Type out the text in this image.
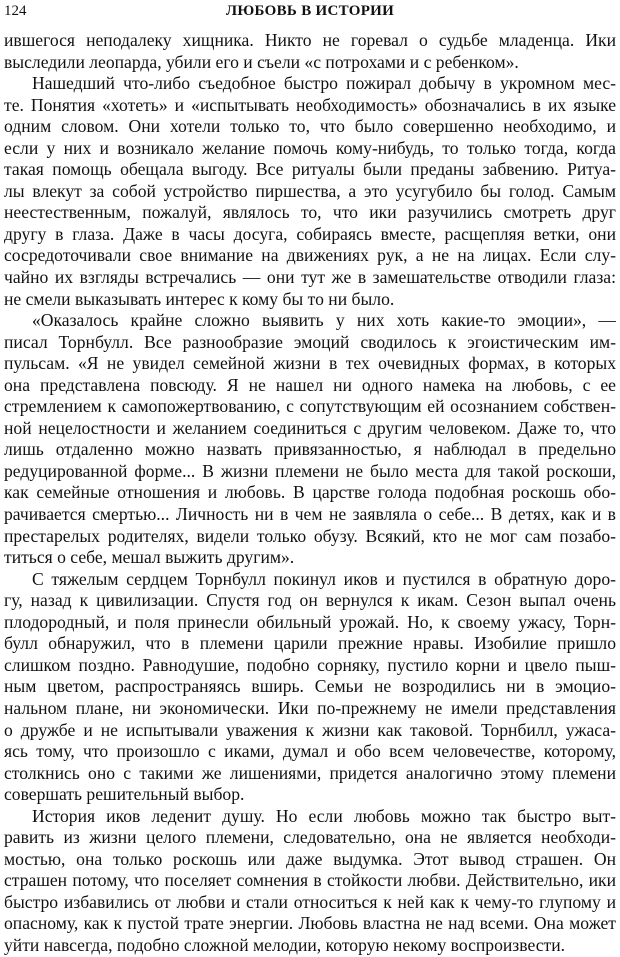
124	ЛЮБОВЬ В ИСТОРИИ
ившегося неподалеку хищника. Никто не горевал о судьбе младенца. Ики
выследили леопарда, убили его и съели «с потрохами и с ребенком».
Нашедший что-либо съедобное быстро пожирал добычу в укромном мес-
те. Понятия «хотеть» и «испытывать необходимость» обозначались в их языке
одним словом. Они хотели только то, что было совершенно необходимо, и
если у них и возникало желание помочь кому-нибудь, то только тогда, когда
такая помощь обещала выгоду. Все ритуалы были преданы забвению. Ритуа-
лы влекут за собой устройство пиршества, а это усугубило бы голод. Самым
неестественным, пожалуй, являлось то, что ики разучились смотреть друг
другу в глаза. Даже в часы досуга, собираясь вместе, расщепляя ветки, они
сосредоточивали свое внимание на движениях рук, а не на лицах. Если слу-
чайно их взгляды встречались — они тут же в замешательстве отводили глаза:
не смели выказывать интерес к кому бы то ни было.
«Оказалось крайне сложно выявить у них хоть какие-то эмоции», —
писал Торнбулл. Все разнообразие эмоций сводилось к эгоистическим им-
пульсам. «Я не увидел семейной жизни в тех очевидных формах, в которых
она представлена повсюду. Я не нашел ни одного намека на любовь, с ее
стремлением к самопожертвованию, с сопутствующим ей осознанием собствен-
ной нецелостности и желанием соединиться с другим человеком. Даже то, что
лишь отдаленно можно назвать привязанностью, я наблюдал в предельно
редуцированной форме... В жизни племени не было места для такой роскоши,
как семейные отношения и любовь. В царстве голода подобная роскошь обо-
рачивается смертью... Личность ни в чем не заявляла о себе... В детях, как и в
престарелых родителях, видели только обузу. Всякий, кто не мог сам позабо-
титься о себе, мешал выжить другим».
С тяжелым сердцем Торнбулл покинул иков и пустился в обратную доро-
гу, назад к цивилизации. Спустя год он вернулся к икам. Сезон выпал очень
плодородный, и поля принесли обильный урожай. Но, к своему ужасу, Торн-
булл обнаружил, что в племени царили прежние нравы. Изобилие пришло
слишком поздно. Равнодушие, подобно сорняку, пустило корни и цвело пыш-
ным цветом, распространяясь вширь. Семьи не возродились ни в эмоцио-
нальном плане, ни экономически. Ики по-прежнему не имели представления
о дружбе и не испытывали уважения к жизни как таковой. Торнбилл, ужаса-
ясь тому, что произошло с иками, думал и обо всем человечестве, которому,
столкнись оно с такими же лишениями, придется аналогично этому племени
совершать решительный выбор.
История иков леденит душу. Но если любовь можно так быстро выт-
равить из жизни целого племени, следовательно, она не является необходи-
мостью, она только роскошь или даже выдумка. Этот вывод страшен. Он
страшен потому, что поселяет сомнения в стойкости любви. Действительно, ики
быстро избавились от любви и стали относиться к ней как к чему-то глупому и
опасному, как к пустой трате энергии. Любовь властна не над всеми. Она может
уйти навсегда, подобно сложной мелодии, которую некому воспроизвести.
